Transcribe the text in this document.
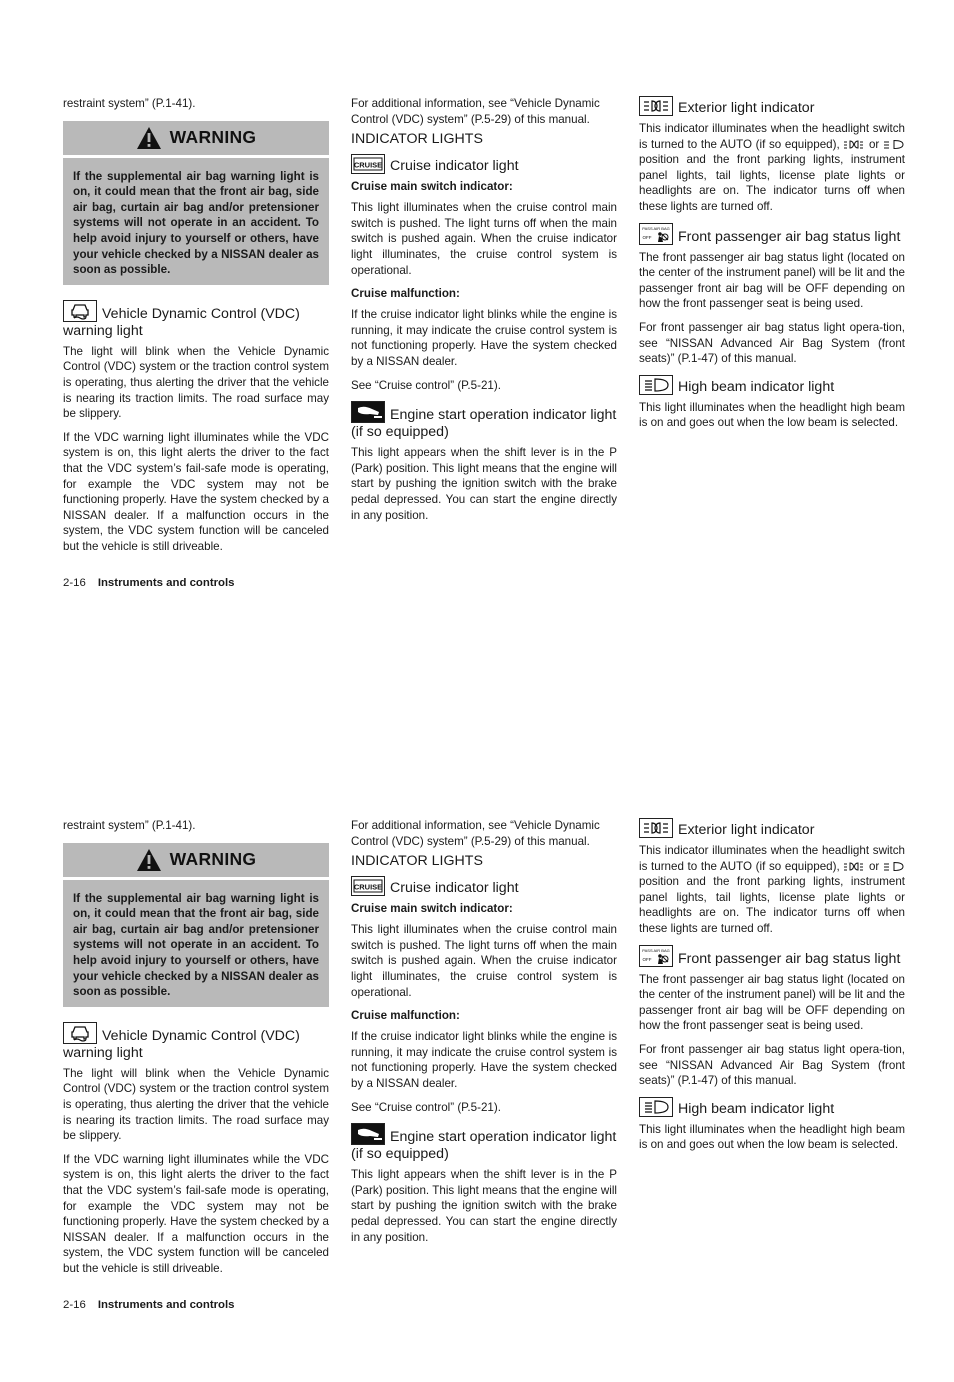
restraint system” (P.1-41).

WARNING
If the supplemental air bag warning light is on, it could mean that the front air bag, side air bag, curtain air bag and/or pretensioner systems will not operate in an accident. To help avoid injury to yourself or others, have your vehicle checked by a NISSAN dealer as soon as possible.
Vehicle Dynamic Control (VDC) warning light

The light will blink when the Vehicle Dynamic Control (VDC) system or the traction control system is operating, thus alerting the driver that the vehicle is nearing its traction limits. The road surface may be slippery.

If the VDC warning light illuminates while the VDC system is on, this light alerts the driver to the fact that the VDC system’s fail-safe mode is operating, for example the VDC system may not be functioning properly. Have the system checked by a NISSAN dealer. If a malfunction occurs in the system, the VDC system function will be canceled but the vehicle is still driveable.

For additional information, see “Vehicle Dynamic Control (VDC) system” (P.5-29) of this manual.

INDICATOR LIGHTS
CRUISE Cruise indicator light
Cruise main switch indicator:

This light illuminates when the cruise control main switch is pushed. The light turns off when the main switch is pushed again. When the cruise indicator light illuminates, the cruise control system is operational.

Cruise malfunction:

If the cruise indicator light blinks while the engine is running, it may indicate the cruise control system is not functioning properly. Have the system checked by a NISSAN dealer.

See “Cruise control” (P.5-21).

Engine start operation indicator light (if so equipped)

This light appears when the shift lever is in the P (Park) position. This light means that the engine will start by pushing the ignition switch with the brake pedal depressed. You can start the engine directly in any position.

Exterior light indicator

This indicator illuminates when the headlight switch is turned to the AUTO (if so equipped),	or  position and the front parking lights, instrument panel lights, tail lights, license plate lights or headlights are on. The indicator turns off when these lights are turned off.

PASS AIR BAG
OFF Front passenger air bag status light

The front passenger air bag status light (located on the center of the instrument panel) will be lit and the passenger front air bag will be OFF depending on how the front passenger seat is being used.

For front passenger air bag status light opera-tion, see “NISSAN Advanced Air Bag System (front seats)” (P.1-47) of this manual.

High beam indicator light

This light illuminates when the headlight high beam is on and goes out when the low beam is selected.

2-16 Instruments and controls

restraint system” (P.1-41).

WARNING
If the supplemental air bag warning light is on, it could mean that the front air bag, side air bag, curtain air bag and/or pretensioner systems will not operate in an accident. To help avoid injury to yourself or others, have your vehicle checked by a NISSAN dealer as soon as possible.
Vehicle Dynamic Control (VDC) warning light

The light will blink when the Vehicle Dynamic Control (VDC) system or the traction control system is operating, thus alerting the driver that the vehicle is nearing its traction limits. The road surface may be slippery.

If the VDC warning light illuminates while the VDC system is on, this light alerts the driver to the fact that the VDC system’s fail-safe mode is operating, for example the VDC system may not be functioning properly. Have the system checked by a NISSAN dealer. If a malfunction occurs in the system, the VDC system function will be canceled but the vehicle is still driveable.

For additional information, see “Vehicle Dynamic Control (VDC) system” (P.5-29) of this manual.

INDICATOR LIGHTS
CRUISE Cruise indicator light
Cruise main switch indicator:

This light illuminates when the cruise control main switch is pushed. The light turns off when the main switch is pushed again. When the cruise indicator light illuminates, the cruise control system is operational.

Cruise malfunction:

If the cruise indicator light blinks while the engine is running, it may indicate the cruise control system is not functioning properly. Have the system checked by a NISSAN dealer.

See “Cruise control” (P.5-21).

Engine start operation indicator light (if so equipped)

This light appears when the shift lever is in the P (Park) position. This light means that the engine will start by pushing the ignition switch with the brake pedal depressed. You can start the engine directly in any position.

Exterior light indicator

This indicator illuminates when the headlight switch is turned to the AUTO (if so equipped),	or  position and the front parking lights, instrument panel lights, tail lights, license plate lights or headlights are on. The indicator turns off when these lights are turned off.

PASS AIR BAG
OFF Front passenger air bag status light

The front passenger air bag status light (located on the center of the instrument panel) will be lit and the passenger front air bag will be OFF depending on how the front passenger seat is being used.

For front passenger air bag status light opera-tion, see “NISSAN Advanced Air Bag System (front seats)” (P.1-47) of this manual.

High beam indicator light

This light illuminates when the headlight high beam is on and goes out when the low beam is selected.

2-16 Instruments and controls
